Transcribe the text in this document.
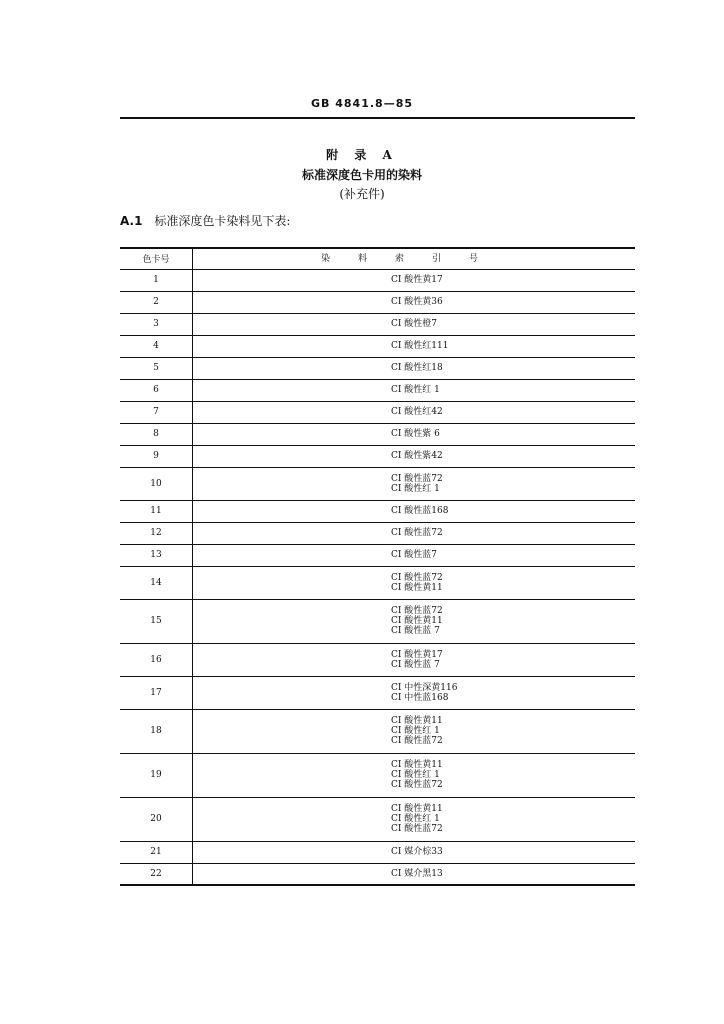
GB 4841.8—85
附 录 A
标准深度色卡用的染料
(补充件)
A.1 标准深度色卡染料见下表:
色卡号	染料索引号
1	CI 酸性黄17

2	CI 酸性黄36

3	CI 酸性橙7

4	CI 酸性红111

5	CI 酸性红18

6	CI 酸性红 1

7	CI 酸性红42

8	CI 酸性紫 6

9	CI 酸性紫42

10	CI 酸性蓝72
CI 酸性红 1

11	CI 酸性蓝168

12	CI 酸性蓝72

13	CI 酸性蓝7

14	CI 酸性蓝72
CI 酸性黄11

15	CI 酸性蓝72
CI 酸性黄11
CI 酸性蓝 7

16	CI 酸性黄17
CI 酸性蓝 7

17	CI 中性深黄116
CI 中性蓝168

18	CI 酸性黄11
CI 酸性红 1
CI 酸性蓝72

19	CI 酸性黄11
CI 酸性红 1
CI 酸性蓝72

20	CI 酸性黄11
CI 酸性红 1
CI 酸性蓝72

21	CI 媒介棕33

22	CI 媒介黑13
